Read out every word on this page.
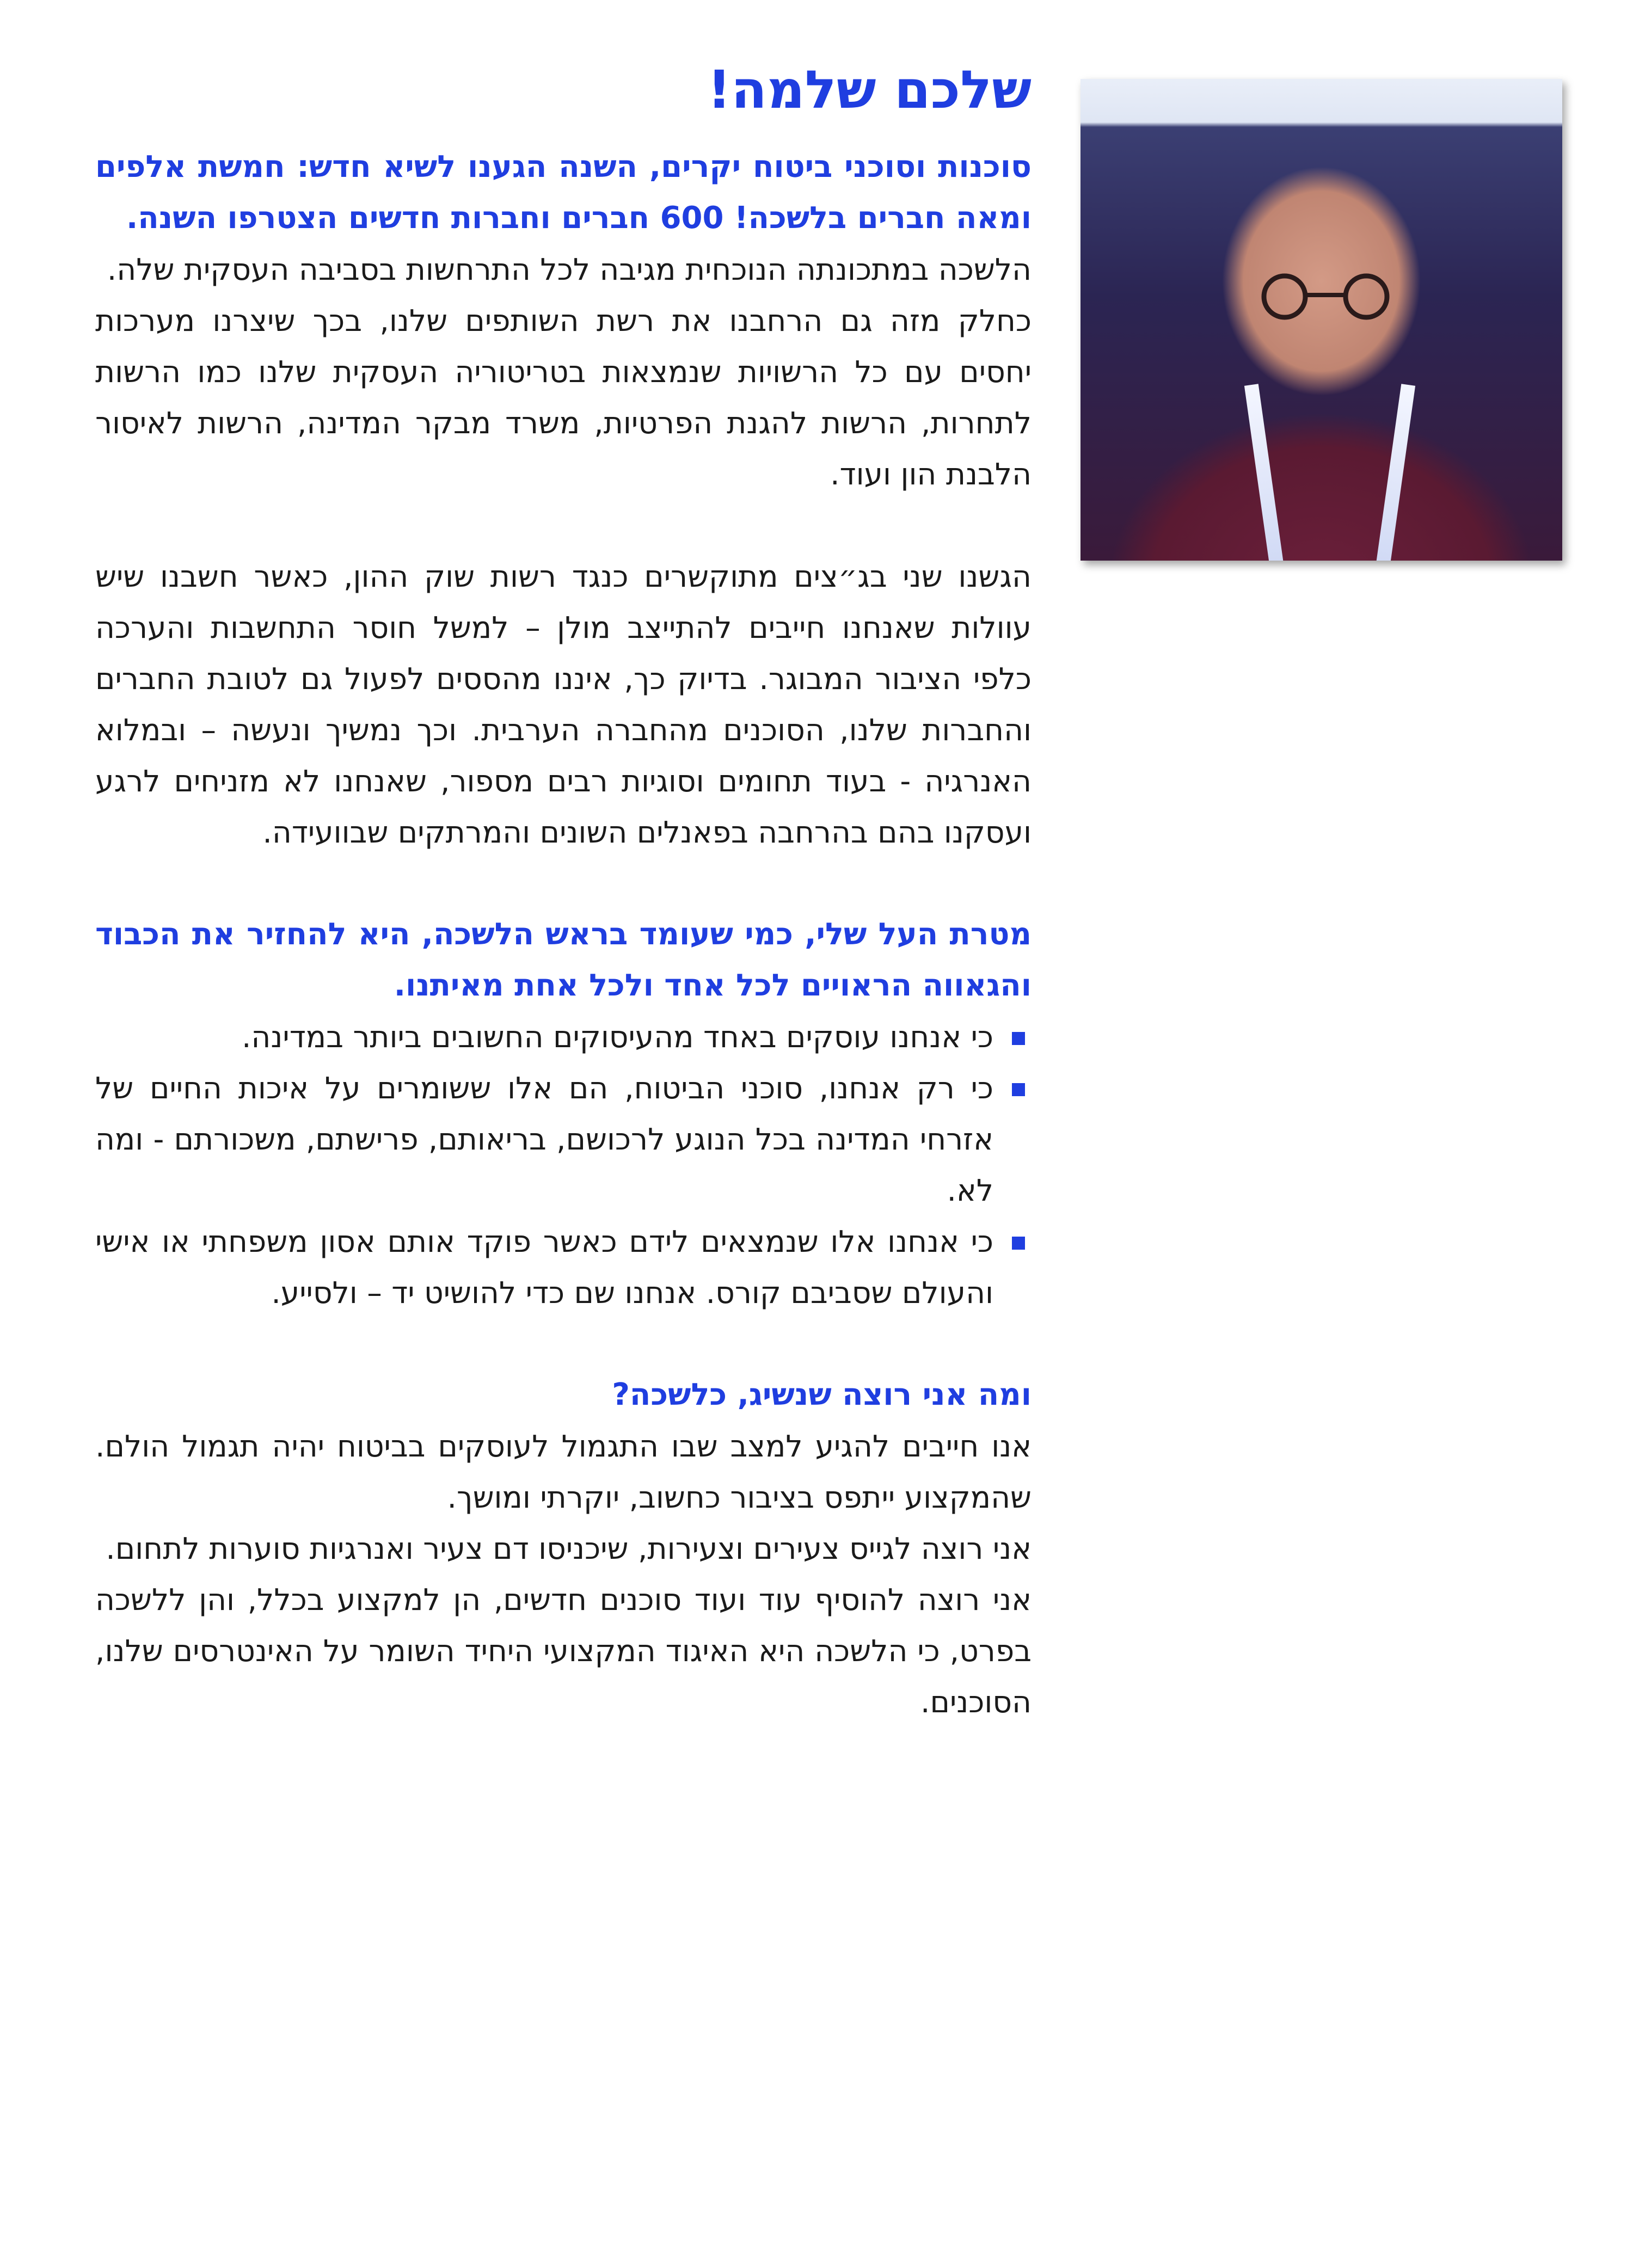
שלכם שלמה!

סוכנות וסוכני ביטוח יקרים, השנה הגענו לשיא חדש: חמשת אלפים ומאה חברים בלשכה! 600 חברים וחברות חדשים הצטרפו השנה.

הלשכה במתכונתה הנוכחית מגיבה לכל התרחשות בסביבה העסקית שלה.

כחלק מזה גם הרחבנו את רשת השותפים שלנו, בכך שיצרנו מערכות יחסים עם כל הרשויות שנמצאות בטריטוריה העסקית שלנו כמו הרשות לתחרות, הרשות להגנת הפרטיות, משרד מבקר המדינה, הרשות לאיסור הלבנת הון ועוד.

הגשנו שני בג״צים מתוקשרים כנגד רשות שוק ההון, כאשר חשבנו שיש עוולות שאנחנו חייבים להתייצב מולן – למשל חוסר התחשבות והערכה כלפי הציבור המבוגר. בדיוק כך, איננו מהססים לפעול גם לטובת החברים והחברות שלנו, הסוכנים מהחברה הערבית. וכך נמשיך ונעשה – ובמלוא האנרגיה - בעוד תחומים וסוגיות רבים מספור, שאנחנו לא מזניחים לרגע ועסקנו בהם בהרחבה בפאנלים השונים והמרתקים שבוועידה.

מטרת העל שלי, כמי שעומד בראש הלשכה, היא להחזיר את הכבוד והגאווה הראויים לכל אחד ולכל אחת מאיתנו.

כי אנחנו עוסקים באחד מהעיסוקים החשובים ביותר במדינה.
כי רק אנחנו, סוכני הביטוח, הם אלו ששומרים על איכות החיים של אזרחי המדינה בכל הנוגע לרכושם, בריאותם, פרישתם, משכורתם - ומה לא.
כי אנחנו אלו שנמצאים לידם כאשר פוקד אותם אסון משפחתי או אישי והעולם שסביבם קורס. אנחנו שם כדי להושיט יד – ולסייע.

ומה אני רוצה שנשיג, כלשכה?

אנו חייבים להגיע למצב שבו התגמול לעוסקים בביטוח יהיה תגמול הולם. שהמקצוע ייתפס בציבור כחשוב, יוקרתי ומושך.

אני רוצה לגייס צעירים וצעירות, שיכניסו דם צעיר ואנרגיות סוערות לתחום.

אני רוצה להוסיף עוד ועוד סוכנים חדשים, הן למקצוע בכלל, והן ללשכה בפרט, כי הלשכה היא האיגוד המקצועי היחיד השומר על האינטרסים שלנו, הסוכנים.
